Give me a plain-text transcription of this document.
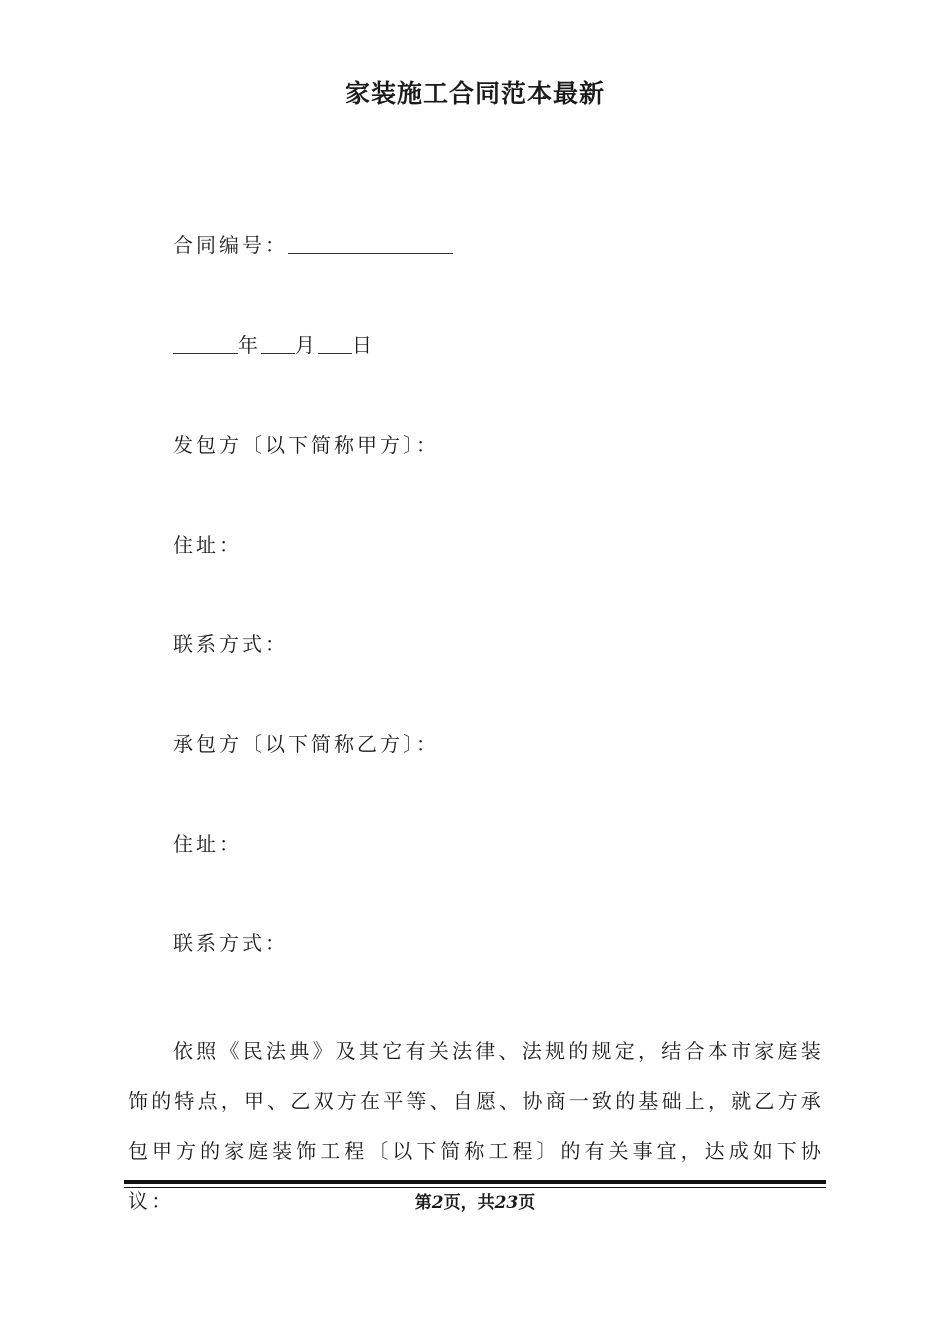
家装施工合同范本最新
合同编号：
年 月 日
发包方〔以下简称甲方〕：
住址：
联系方式：
承包方〔以下简称乙方〕：
住址：
联系方式：
依照《民法典》及其它有关法律、法规的规定，结合本市家庭装饰的特点，甲、乙双方在平等、自愿、协商一致的基础上，就乙方承包甲方的家庭装饰工程〔以下简称工程〕的有关事宜，达成如下协议：	第2页，共23页
